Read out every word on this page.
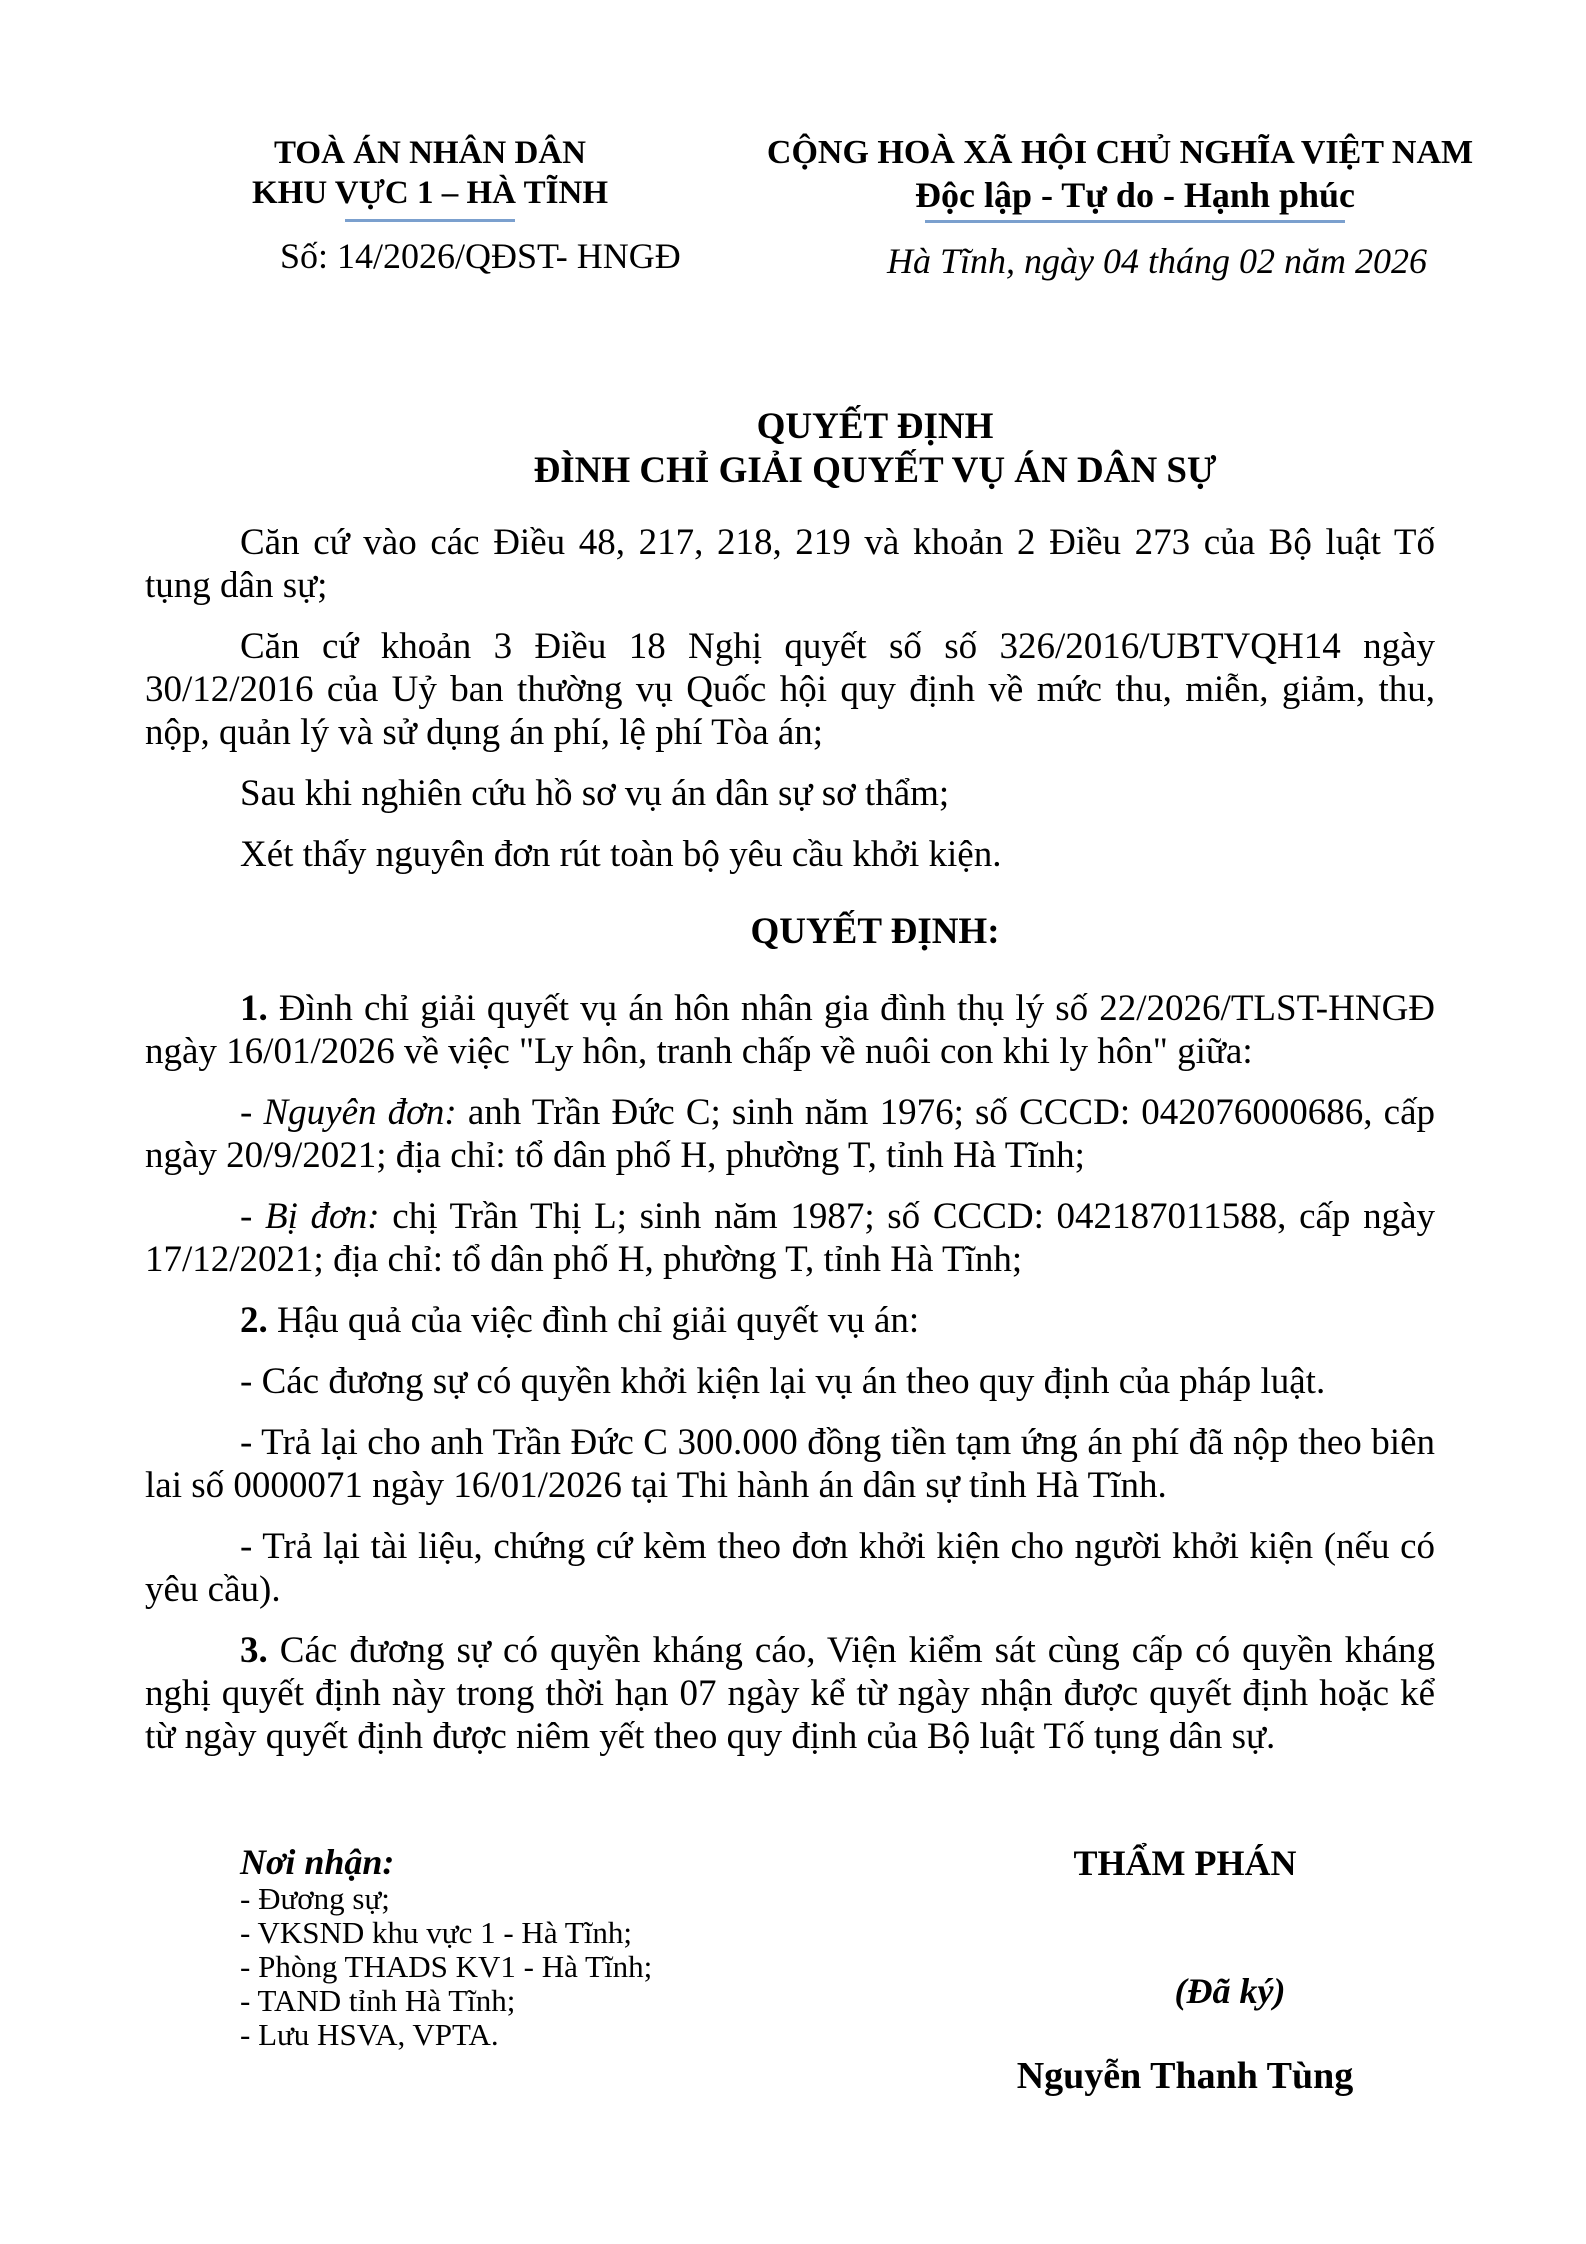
TOÀ ÁN NHÂN DÂN
KHU VỰC 1 – HÀ TĨNH
Số: 14/2026/QĐST- HNGĐ
CỘNG HOÀ XÃ HỘI CHỦ NGHĨA VIỆT NAM
Độc lập - Tự do - Hạnh phúc
Hà Tĩnh, ngày 04 tháng 02 năm 2026
QUYẾT ĐỊNH
ĐÌNH CHỈ GIẢI QUYẾT VỤ ÁN DÂN SỰ

Căn cứ vào các Điều 48, 217, 218, 219 và khoản 2 Điều 273 của Bộ luật Tố tụng dân sự;

Căn cứ khoản 3 Điều 18 Nghị quyết số số 326/2016/UBTVQH14 ngày 30/12/2016 của Uỷ ban thường vụ Quốc hội quy định về mức thu, miễn, giảm, thu, nộp, quản lý và sử dụng án phí, lệ phí Tòa án;

Sau khi nghiên cứu hồ sơ vụ án dân sự sơ thẩm;

Xét thấy nguyên đơn rút toàn bộ yêu cầu khởi kiện.

QUYẾT ĐỊNH:

1. Đình chỉ giải quyết vụ án hôn nhân gia đình thụ lý số 22/2026/TLST-HNGĐ ngày 16/01/2026 về việc "Ly hôn, tranh chấp về nuôi con khi ly hôn" giữa:

- Nguyên đơn: anh Trần Đức C; sinh năm 1976; số CCCD: 042076000686, cấp ngày 20/9/2021; địa chỉ: tổ dân phố H, phường T, tỉnh Hà Tĩnh;

- Bị đơn: chị Trần Thị L; sinh năm 1987; số CCCD: 042187011588, cấp ngày 17/12/2021; địa chỉ: tổ dân phố H, phường T, tỉnh Hà Tĩnh;

2. Hậu quả của việc đình chỉ giải quyết vụ án:

- Các đương sự có quyền khởi kiện lại vụ án theo quy định của pháp luật.

- Trả lại cho anh Trần Đức C 300.000 đồng tiền tạm ứng án phí đã nộp theo biên lai số 0000071 ngày 16/01/2026 tại Thi hành án dân sự tỉnh Hà Tĩnh.

- Trả lại tài liệu, chứng cứ kèm theo đơn khởi kiện cho người khởi kiện (nếu có yêu cầu).

3. Các đương sự có quyền kháng cáo, Viện kiểm sát cùng cấp có quyền kháng nghị quyết định này trong thời hạn 07 ngày kể từ ngày nhận được quyết định hoặc kể từ ngày quyết định được niêm yết theo quy định của Bộ luật Tố tụng dân sự.

Nơi nhận:
- Đương sự;
- VKSND khu vực 1 - Hà Tĩnh;
- Phòng THADS KV1 - Hà Tĩnh;
- TAND tỉnh Hà Tĩnh;
- Lưu HSVA, VPTA.
THẨM PHÁN
(Đã ký)
Nguyễn Thanh Tùng
